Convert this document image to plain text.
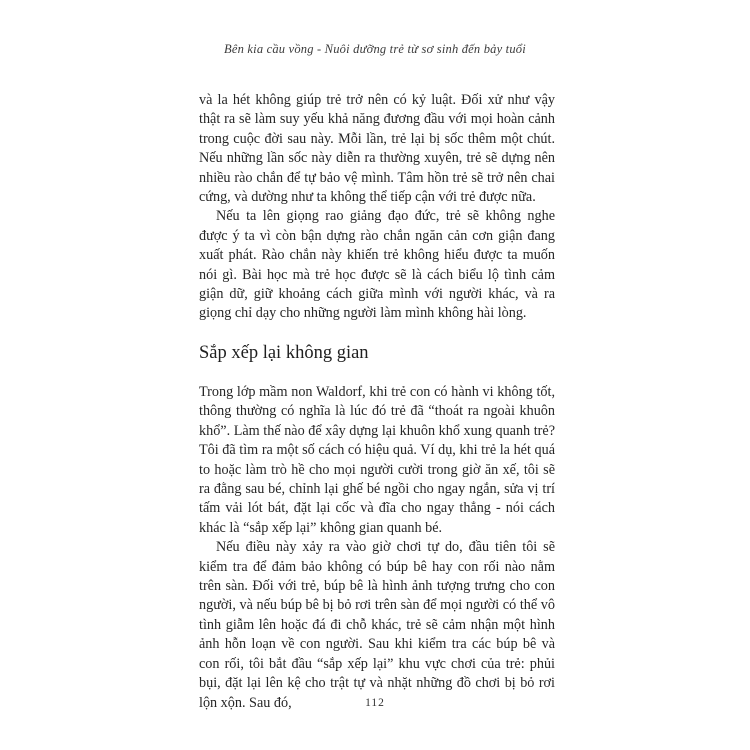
Bên kia cầu vồng - Nuôi dưỡng trẻ từ sơ sinh đến bảy tuổi

và la hét không giúp trẻ trở nên có kỷ luật. Đối xử như vậy thật ra sẽ làm suy yếu khả năng đương đầu với mọi hoàn cảnh trong cuộc đời sau này. Mỗi lần, trẻ lại bị sốc thêm một chút. Nếu những lần sốc này diễn ra thường xuyên, trẻ sẽ dựng nên nhiều rào chắn để tự bảo vệ mình. Tâm hồn trẻ sẽ trở nên chai cứng, và dường như ta không thể tiếp cận với trẻ được nữa.

Nếu ta lên giọng rao giảng đạo đức, trẻ sẽ không nghe được ý ta vì còn bận dựng rào chắn ngăn cản cơn giận đang xuất phát. Rào chắn này khiến trẻ không hiểu được ta muốn nói gì. Bài học mà trẻ học được sẽ là cách biểu lộ tình cảm giận dữ, giữ khoảng cách giữa mình với người khác, và ra giọng chỉ dạy cho những người làm mình không hài lòng.

Sắp xếp lại không gian

Trong lớp mầm non Waldorf, khi trẻ con có hành vi không tốt, thông thường có nghĩa là lúc đó trẻ đã “thoát ra ngoài khuôn khổ”. Làm thế nào để xây dựng lại khuôn khổ xung quanh trẻ? Tôi đã tìm ra một số cách có hiệu quả. Ví dụ, khi trẻ la hét quá to hoặc làm trò hề cho mọi người cười trong giờ ăn xế, tôi sẽ ra đằng sau bé, chỉnh lại ghế bé ngồi cho ngay ngắn, sửa vị trí tấm vải lót bát, đặt lại cốc và đĩa cho ngay thẳng - nói cách khác là “sắp xếp lại” không gian quanh bé.

Nếu điều này xảy ra vào giờ chơi tự do, đầu tiên tôi sẽ kiểm tra để đảm bảo không có búp bê hay con rối nào nằm trên sàn. Đối với trẻ, búp bê là hình ảnh tượng trưng cho con người, và nếu búp bê bị bỏ rơi trên sàn để mọi người có thể vô tình giẫm lên hoặc đá đi chỗ khác, trẻ sẽ cảm nhận một hình ảnh hỗn loạn về con người. Sau khi kiểm tra các búp bê và con rối, tôi bắt đầu “sắp xếp lại” khu vực chơi của trẻ: phủi bụi, đặt lại lên kệ cho trật tự và nhặt những đồ chơi bị bỏ rơi lộn xộn. Sau đó,	112
